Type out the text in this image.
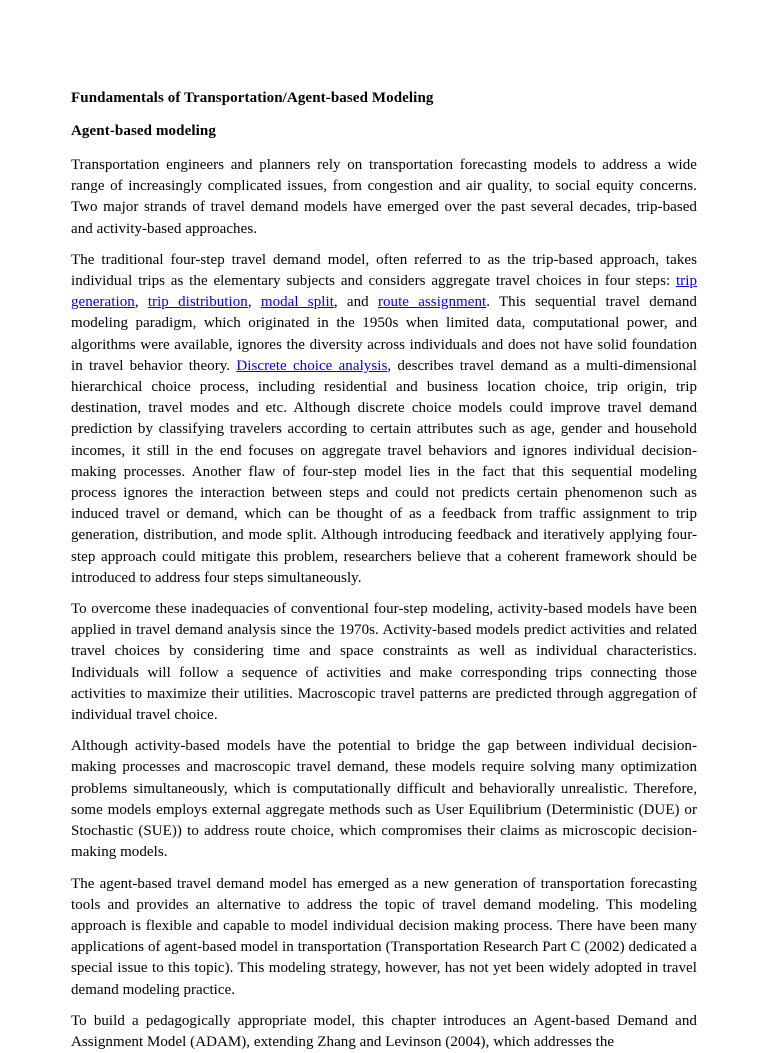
Fundamentals of Transportation/Agent-based Modeling
Agent-based modeling

Transportation engineers and planners rely on transportation forecasting models to address a wide range of increasingly complicated issues, from congestion and air quality, to social equity concerns. Two major strands of travel demand models have emerged over the past several decades, trip-based and activity-based approaches.

The traditional four-step travel demand model, often referred to as the trip-based approach, takes individual trips as the elementary subjects and considers aggregate travel choices in four steps: trip generation, trip distribution, modal split, and route assignment. This sequential travel demand modeling paradigm, which originated in the 1950s when limited data, computational power, and algorithms were available, ignores the diversity across individuals and does not have solid foundation in travel behavior theory. Discrete choice analysis, describes travel demand as a multi-dimensional hierarchical choice process, including residential and business location choice, trip origin, trip destination, travel modes and etc. Although discrete choice models could improve travel demand prediction by classifying travelers according to certain attributes such as age, gender and household incomes, it still in the end focuses on aggregate travel behaviors and ignores individual decision-making processes. Another flaw of four-step model lies in the fact that this sequential modeling process ignores the interaction between steps and could not predicts certain phenomenon such as induced travel or demand, which can be thought of as a feedback from traffic assignment to trip generation, distribution, and mode split. Although introducing feedback and iteratively applying four-step approach could mitigate this problem, researchers believe that a coherent framework should be introduced to address four steps simultaneously.

To overcome these inadequacies of conventional four-step modeling, activity-based models have been applied in travel demand analysis since the 1970s. Activity-based models predict activities and related travel choices by considering time and space constraints as well as individual characteristics. Individuals will follow a sequence of activities and make corresponding trips connecting those activities to maximize their utilities. Macroscopic travel patterns are predicted through aggregation of individual travel choice.

Although activity-based models have the potential to bridge the gap between individual decision-making processes and macroscopic travel demand, these models require solving many optimization problems simultaneously, which is computationally difficult and behaviorally unrealistic. Therefore, some models employs external aggregate methods such as User Equilibrium (Deterministic (DUE) or Stochastic (SUE)) to address route choice, which compromises their claims as microscopic decision-making models.

The agent-based travel demand model has emerged as a new generation of transportation forecasting tools and provides an alternative to address the topic of travel demand modeling. This modeling approach is flexible and capable to model individual decision making process. There have been many applications of agent-based model in transportation (Transportation Research Part C (2002) dedicated a special issue to this topic). This modeling strategy, however, has not yet been widely adopted in travel demand modeling practice.

To build a pedagogically appropriate model, this chapter introduces an Agent-based Demand and Assignment Model (ADAM), extending Zhang and Levinson (2004), which addresses the
